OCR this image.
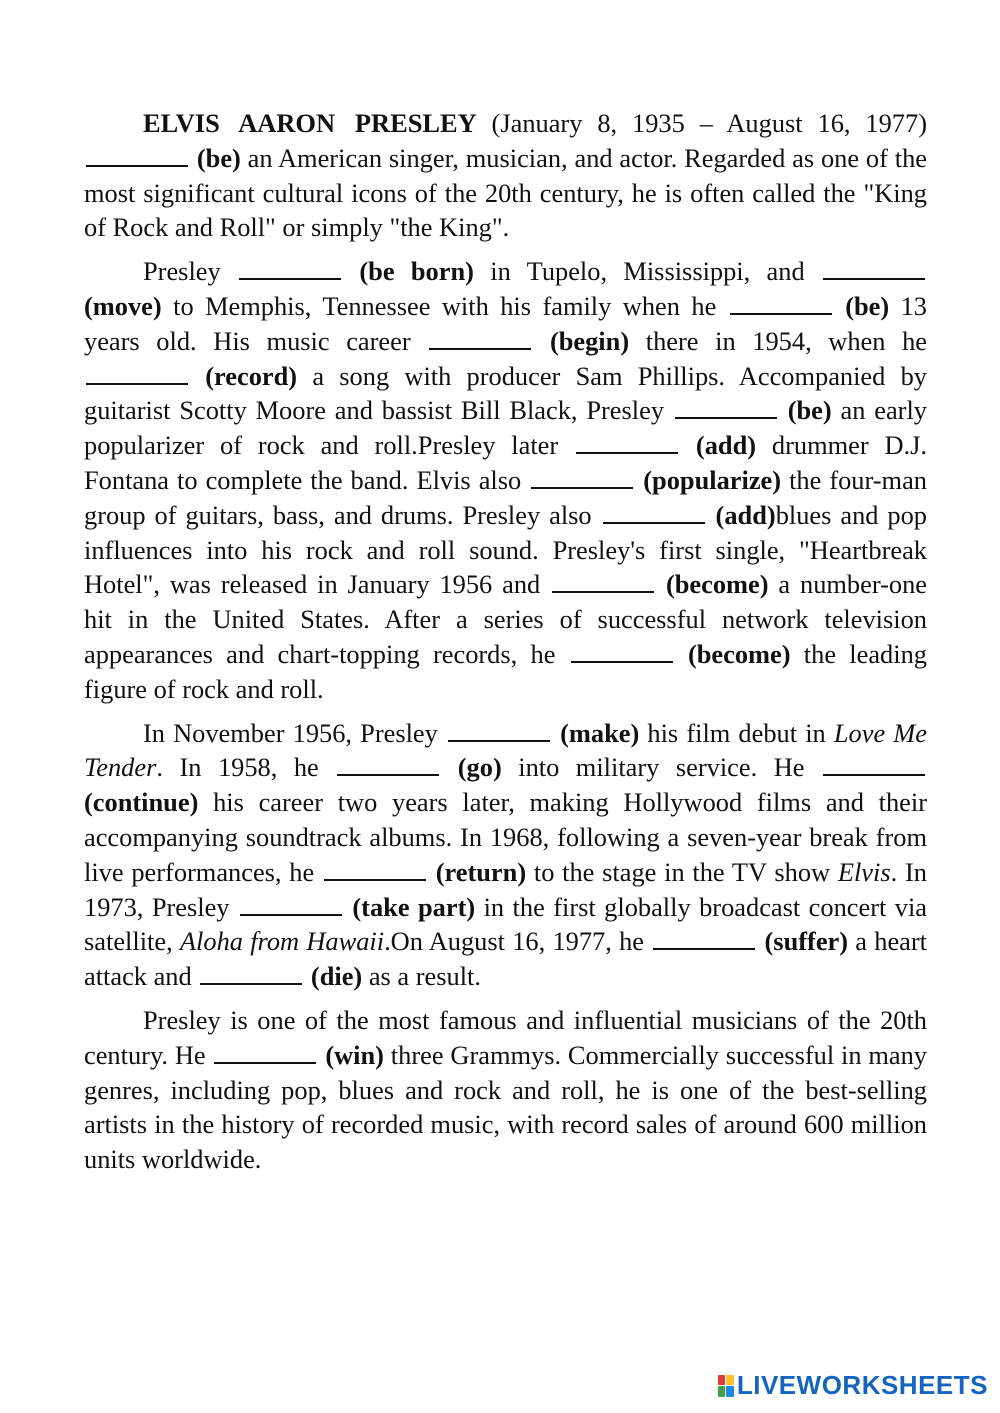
ELVIS AARON PRESLEY (January 8, 1935 – August 16, 1977)  (be) an American singer, musician, and actor. Regarded as one of the most significant cultural icons of the 20th century, he is often called the "King of Rock and Roll" or simply "the King".

Presley	(be born) in Tupelo, Mississippi, and  (move) to Memphis, Tennessee with his family when he	(be) 13 years old. His music career	(begin) there in 1954, when he  (record) a song with producer Sam Phillips. Accompanied by guitarist Scotty Moore and bassist Bill Black, Presley	(be) an early popularizer of rock and roll.Presley later	(add) drummer D.J. Fontana to complete the band. Elvis also	(popularize) the four-man group of guitars, bass, and drums. Presley also	(add)blues and pop influences into his rock and roll sound. Presley's first single, "Heartbreak Hotel", was released in January 1956 and	(become) a number-one hit in the United States. After a series of successful network television appearances and chart-topping records, he	(become) the leading figure of rock and roll.

In November 1956, Presley	(make) his film debut in Love Me Tender. In 1958, he	(go) into military service. He  (continue) his career two years later, making Hollywood films and their accompanying soundtrack albums. In 1968, following a seven-year break from live performances, he	(return) to the stage in the TV show Elvis. In 1973, Presley	(take part) in the first globally broadcast concert via satellite, Aloha from Hawaii.On August 16, 1977, he	(suffer) a heart attack and	(die) as a result.

Presley is one of the most famous and influential musicians of the 20th century. He	(win) three Grammys. Commercially successful in many genres, including pop, blues and rock and roll, he is one of the best-selling artists in the history of recorded music, with record sales of around 600 million units worldwide.

LIVEWORKSHEETS
